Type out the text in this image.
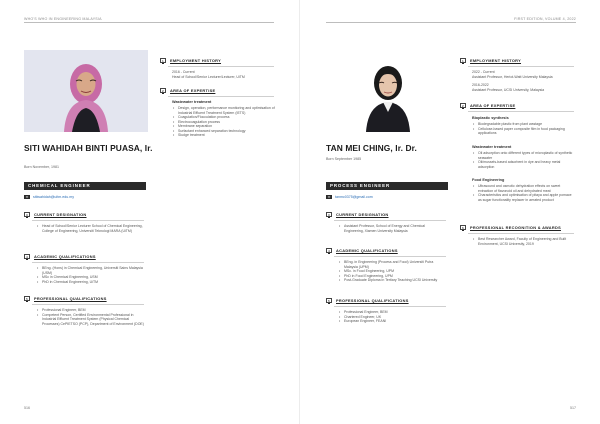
WHO'S WHO IN ENGINEERING MALAYSIA
SITI WAHIDAH BINTI PUASA, Ir.
Born November, 1981
CHEMICAL ENGINEER
✉ sitiwahidah@uitm.edu.my
1	EMPLOYMENT HISTORY
2016 - Current
Head of School/Senior Lecturer/Lecturer, UiTM
2	AREA OF EXPERTISE
Wastewater treatment
• Design, operation, performance monitoring and optimisation of Industrial Effluent Treatment System (IETS)
• Coagulation/Flocculation process
• Electrocoagulation process
• Membrane separation
• Surfactant enhanced separation technology
• Sludge treatment
3	CURRENT DESIGNATION
• Head of School/Senior Lecturer School of Chemical Engineering, College of Engineering, Universiti Teknologi MARA (UiTM)
4	ACADEMIC QUALIFICATIONS
• BEng. (Hons) in Chemical Engineering, Universiti Sains Malaysia (USM)
• MSc in Chemical Engineering, USM
• PhD in Chemical Engineering, UiTM
5	PROFESSIONAL QUALIFICATIONS
• Professional Engineer, BEM
• Competent Person, Certified Environmental Professional in Industrial Effluent Treatment System (Physical Chemical Processes) CePIETSO (PCP), Department of Environment (DOE)
516
FIRST EDITION, VOLUME 4, 2022
TAN MEI CHING, Ir. Dr.
Born September 1985
PROCESS ENGINEER
✉ tanmc0375@gmail.com
1	EMPLOYMENT HISTORY
2022 - Current
Assistant Professor, Heriot-Watt University Malaysia
2016-2022
Assistant Professor, UCSI University, Malaysia
2	AREA OF EXPERTISE
Bioplastic synthesis
• Biodegradable plastic from plant wastage
• Cellulose-based paper composite film in food packaging applications
Wastewater treatment
• Oil adsorption onto different types of microplastic of synthetic seawater
• Oil/mussels-based adsorbent in dye and heavy metal adsorption
Food Engineering
• Ultrasound and osmotic dehydration effects on sweet extraction of flavonoid oil and dehydrated meat
• Characteristics and optimisation of pitaya and apple pomace as sugar functionality replacer in aerated product
6	PROFESSIONAL RECOGNITION & AWARDS
• Best Researcher Award, Faculty of Engineering and Built Environment, UCSI University, 2019
3	CURRENT DESIGNATION
• Assistant Professor, School of Energy and Chemical Engineering, Xiamen University Malaysia
4	ACADEMIC QUALIFICATIONS
• BEng. in Engineering (Process and Food) Universiti Putra Malaysia (UPM)
• MSc. in Food Engineering, UPM
• PhD in Food Engineering, UPM
• Post-Graduate Diploma in Tertiary Teaching UCSI University
5	PROFESSIONAL QUALIFICATIONS
• Professional Engineer, BEM
• Chartered Engineer, UK
• European Engineer, FEANI
517
